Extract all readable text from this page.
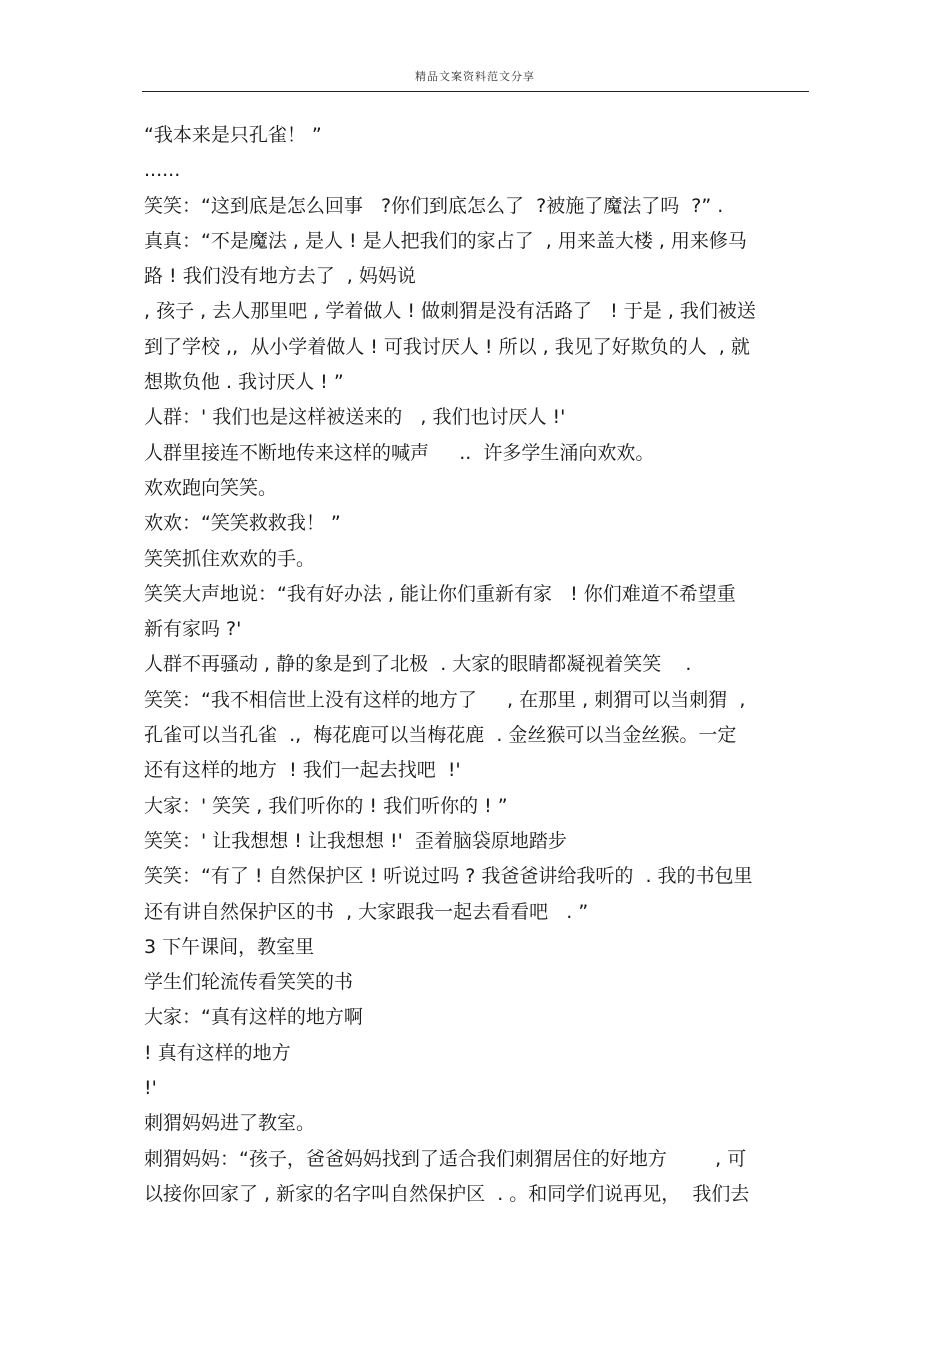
精品文案资料范文分享
“我本来是只孔雀！ ”
......
笑笑：“这到底是怎么回事   ?你们到底怎么了  ?被施了魔法了吗  ?” .
真真：“不是魔法 , 是人 ! 是人把我们的家占了  , 用来盖大楼 , 用来修马
路 ! 我们没有地方去了  , 妈妈说
, 孩子 , 去人那里吧 , 学着做人 ! 做刺猬是没有活路了   ! 于是 , 我们被送
到了学校 ,,  从小学着做人 ! 可我讨厌人 ! 所以 , 我见了好欺负的人  , 就
想欺负他 . 我讨厌人 ! ”
人群：' 我们也是这样被送来的   , 我们也讨厌人 !'
人群里接连不断地传来这样的喊声     ..  许多学生涌向欢欢。
欢欢跑向笑笑。
欢欢：“笑笑救救我！ ”
笑笑抓住欢欢的手。
笑笑大声地说：“我有好办法 , 能让你们重新有家   ! 你们难道不希望重
新有家吗 ?'
人群不再骚动 , 静的象是到了北极  . 大家的眼睛都凝视着笑笑    .
笑笑：“我不相信世上没有这样的地方了     , 在那里 , 刺猬可以当刺猬  ,
孔雀可以当孔雀  .,  梅花鹿可以当梅花鹿  . 金丝猴可以当金丝猴。一定
还有这样的地方  ! 我们一起去找吧  !'
大家：' 笑笑 , 我们听你的 ! 我们听你的 ! ”
笑笑：' 让我想想 ! 让我想想 !'  歪着脑袋原地踏步
笑笑：“有了 ! 自然保护区 ! 听说过吗 ? 我爸爸讲给我听的  . 我的书包里
还有讲自然保护区的书  , 大家跟我一起去看看吧   . ”
3 下午课间，教室里
学生们轮流传看笑笑的书
大家：“真有这样的地方啊
! 真有这样的地方
!'
刺猬妈妈进了教室。
刺猬妈妈：“孩子，爸爸妈妈找到了适合我们刺猬居住的好地方        , 可
以接你回家了 , 新家的名字叫自然保护区  . 。和同学们说再见，  我们去
